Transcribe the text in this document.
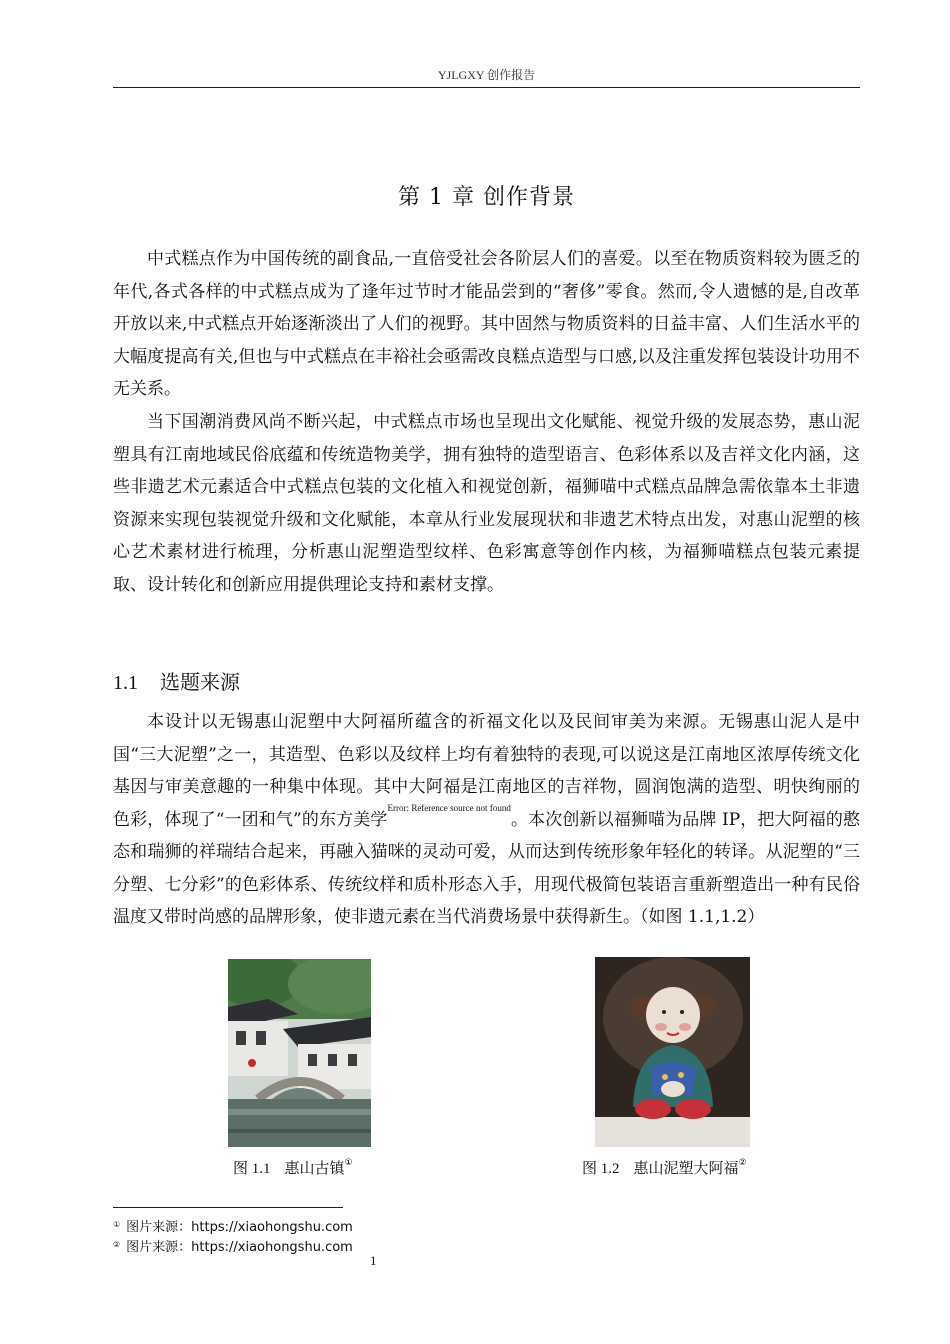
YJLGXY 创作报告
第 1 章 创作背景

中式糕点作为中国传统的副食品,一直倍受社会各阶层人们的喜爱。以至在物质资料较为匮乏的年代,各式各样的中式糕点成为了逢年过节时才能品尝到的“奢侈”零食。然而,令人遗憾的是,自改革开放以来,中式糕点开始逐渐淡出了人们的视野。其中固然与物质资料的日益丰富、人们生活水平的大幅度提高有关,但也与中式糕点在丰裕社会亟需改良糕点造型与口感,以及注重发挥包装设计功用不无关系。

当下国潮消费风尚不断兴起，中式糕点市场也呈现出文化赋能、视觉升级的发展态势，惠山泥塑具有江南地域民俗底蕴和传统造物美学，拥有独特的造型语言、色彩体系以及吉祥文化内涵，这些非遗艺术元素适合中式糕点包装的文化植入和视觉创新，福狮喵中式糕点品牌急需依靠本土非遗资源来实现包装视觉升级和文化赋能，本章从行业发展现状和非遗艺术特点出发，对惠山泥塑的核心艺术素材进行梳理，分析惠山泥塑造型纹样、色彩寓意等创作内核，为福狮喵糕点包装元素提取、设计转化和创新应用提供理论支持和素材支撑。

1.1 选题来源

本设计以无锡惠山泥塑中大阿福所蕴含的祈福文化以及民间审美为来源。无锡惠山泥人是中国“三大泥塑”之一，其造型、色彩以及纹样上均有着独特的表现,可以说这是江南地区浓厚传统文化基因与审美意趣的一种集中体现。其中大阿福是江南地区的吉祥物，圆润饱满的造型、明快绚丽的色彩，体现了“一团和气”的东方美学$^{Error: Reference source not found}$。本次创新以福狮喵为品牌 IP，把大阿福的憨态和瑞狮的祥瑞结合起来，再融入猫咪的灵动可爱，从而达到传统形象年轻化的转译。从泥塑的“三分塑、七分彩”的色彩体系、传统纹样和质朴形态入手，用现代极简包装语言重新塑造出一种有民俗温度又带时尚感的品牌形象，使非遗元素在当代消费场景中获得新生。（如图 1.1,1.2）

图 1.1 惠山古镇①	图 1.2 惠山泥塑大阿福②
① 图片来源：https://xiaohongshu.com
② 图片来源：https://xiaohongshu.com
1
